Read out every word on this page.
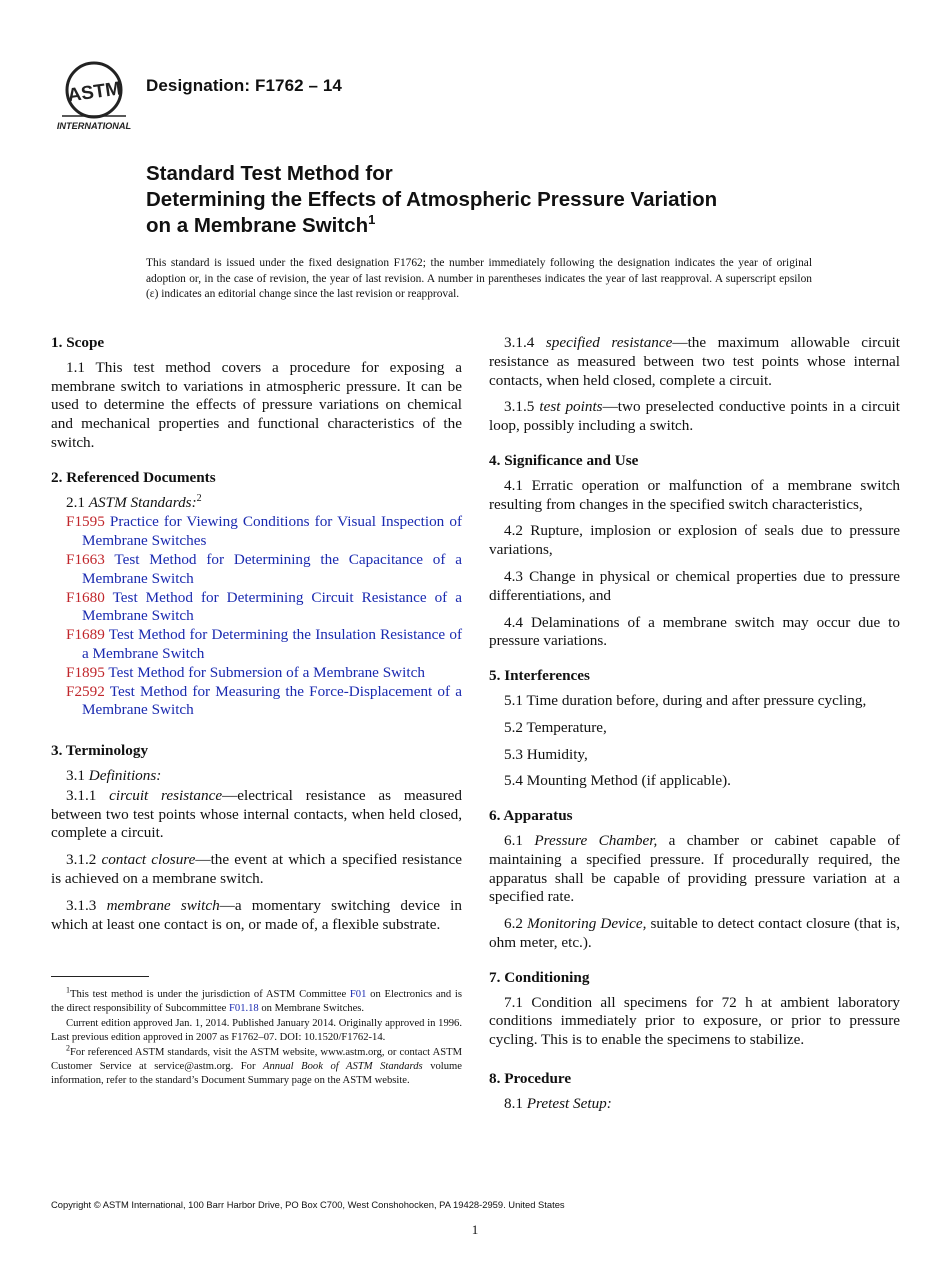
ASTM
INTERNATIONAL
Designation: F1762 – 14
Standard Test Method for
Determining the Effects of Atmospheric Pressure Variation
on a Membrane Switch$^1$
This standard is issued under the fixed designation F1762; the number immediately following the designation indicates the year of original adoption or, in the case of revision, the year of last revision. A number in parentheses indicates the year of last reapproval. A superscript epsilon (ε) indicates an editorial change since the last revision or reapproval.
1. Scope
1.1 This test method covers a procedure for exposing a membrane switch to variations in atmospheric pressure. It can be used to determine the effects of pressure variations on chemical and mechanical properties and functional characteristics of the switch.
2. Referenced Documents
2.1 ASTM Standards:$^2$
F1595 Practice for Viewing Conditions for Visual Inspection of Membrane Switches
F1663 Test Method for Determining the Capacitance of a Membrane Switch
F1680 Test Method for Determining Circuit Resistance of a Membrane Switch
F1689 Test Method for Determining the Insulation Resistance of a Membrane Switch
F1895 Test Method for Submersion of a Membrane Switch
F2592 Test Method for Measuring the Force-Displacement of a Membrane Switch
3. Terminology
3.1 Definitions:
3.1.1 circuit resistance—electrical resistance as measured between two test points whose internal contacts, when held closed, complete a circuit.
3.1.2 contact closure—the event at which a specified resistance is achieved on a membrane switch.
3.1.3 membrane switch—a momentary switching device in which at least one contact is on, or made of, a flexible substrate.
3.1.4 specified resistance—the maximum allowable circuit resistance as measured between two test points whose internal contacts, when held closed, complete a circuit.
3.1.5 test points—two preselected conductive points in a circuit loop, possibly including a switch.
4. Significance and Use
4.1 Erratic operation or malfunction of a membrane switch resulting from changes in the specified switch characteristics,
4.2 Rupture, implosion or explosion of seals due to pressure variations,
4.3 Change in physical or chemical properties due to pressure differentiations, and
4.4 Delaminations of a membrane switch may occur due to pressure variations.
5. Interferences
5.1 Time duration before, during and after pressure cycling,
5.2 Temperature,
5.3 Humidity,
5.4 Mounting Method (if applicable).
6. Apparatus
6.1 Pressure Chamber, a chamber or cabinet capable of maintaining a specified pressure. If procedurally required, the apparatus shall be capable of providing pressure variation at a specified rate.
6.2 Monitoring Device, suitable to detect contact closure (that is, ohm meter, etc.).
7. Conditioning
7.1 Condition all specimens for 72 h at ambient laboratory conditions immediately prior to exposure, or prior to pressure cycling. This is to enable the specimens to stabilize.
8. Procedure
8.1 Pretest Setup:
$^1$This test method is under the jurisdiction of ASTM Committee F01 on Electronics and is the direct responsibility of Subcommittee F01.18 on Membrane Switches.
Current edition approved Jan. 1, 2014. Published January 2014. Originally approved in 1996. Last previous edition approved in 2007 as F1762–07. DOI: 10.1520/F1762-14.
$^2$For referenced ASTM standards, visit the ASTM website, www.astm.org, or contact ASTM Customer Service at service@astm.org. For Annual Book of ASTM Standards volume information, refer to the standard’s Document Summary page on the ASTM website.
Copyright © ASTM International, 100 Barr Harbor Drive, PO Box C700, West Conshohocken, PA 19428-2959. United States
1
